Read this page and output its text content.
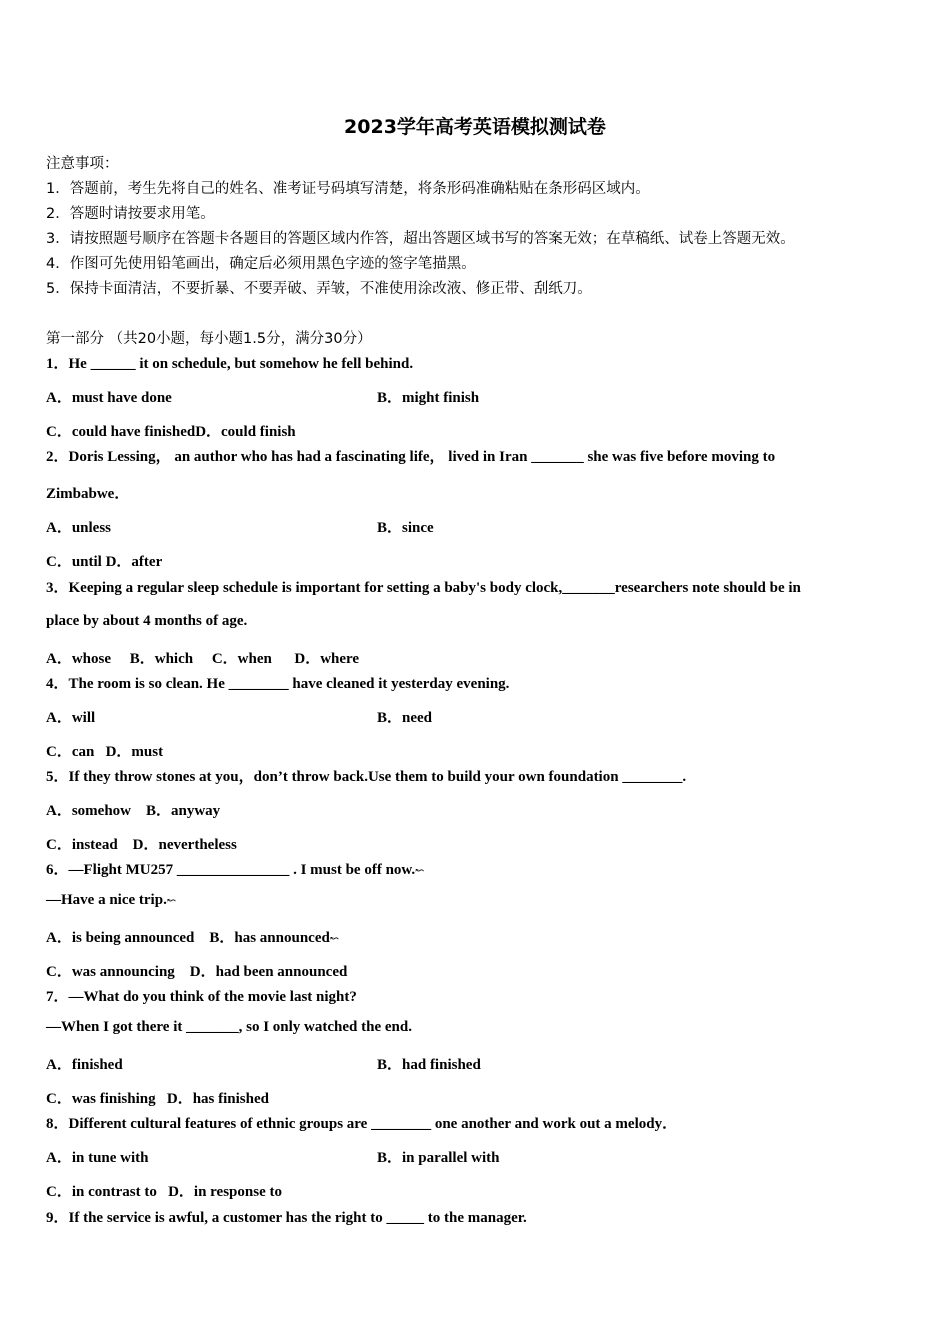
2023学年高考英语模拟测试卷
注意事项：
1．答题前，考生先将自己的姓名、准考证号码填写清楚，将条形码准确粘贴在条形码区域内。
2．答题时请按要求用笔。
3．请按照题号顺序在答题卡各题目的答题区域内作答，超出答题区域书写的答案无效；在草稿纸、试卷上答题无效。
4．作图可先使用铅笔画出，确定后必须用黑色字迹的签字笔描黑。
5．保持卡面清洁，不要折暴、不要弄破、弄皱，不准使用涂改液、修正带、刮纸刀。
第一部分 （共20小题，每小题1.5分，满分30分）
1．He ______ it on schedule, but somehow he fell behind.
A．must have done	B．might finish
C．could have finishedD．could finish
2．Doris Lessing， an author who has had a fascinating life， lived in Iran _______ she was five before moving to
Zimbabwe．
A．unless	B．since
C．until D．after
3．Keeping a regular sleep schedule is important for setting a baby's body clock,_______researchers note should be in
place by about 4 months of age.
A．whose     B．which     C．when      D．where
4．The room is so clean. He ________ have cleaned it yesterday evening.
A．will	B．need
C．can   D．must
5．If they throw stones at you，don’t throw back.Use them to build your own foundation ________.
A．somehow    B．anyway
C．instead    D．nevertheless
6．—Flight MU257 _______________ . I must be off now.↜
—Have a nice trip.↜
A．is being announced    B．has announced↜
C．was announcing    D．had been announced
7．—What do you think of the movie last night?
—When I got there it _______, so I only watched the end.
A．finished	B．had finished
C．was finishing   D．has finished
8．Different cultural features of ethnic groups are ________ one another and work out a melody．
A．in tune with	B．in parallel with
C．in contrast to   D．in response to
9．If the service is awful, a customer has the right to _____ to the manager.
